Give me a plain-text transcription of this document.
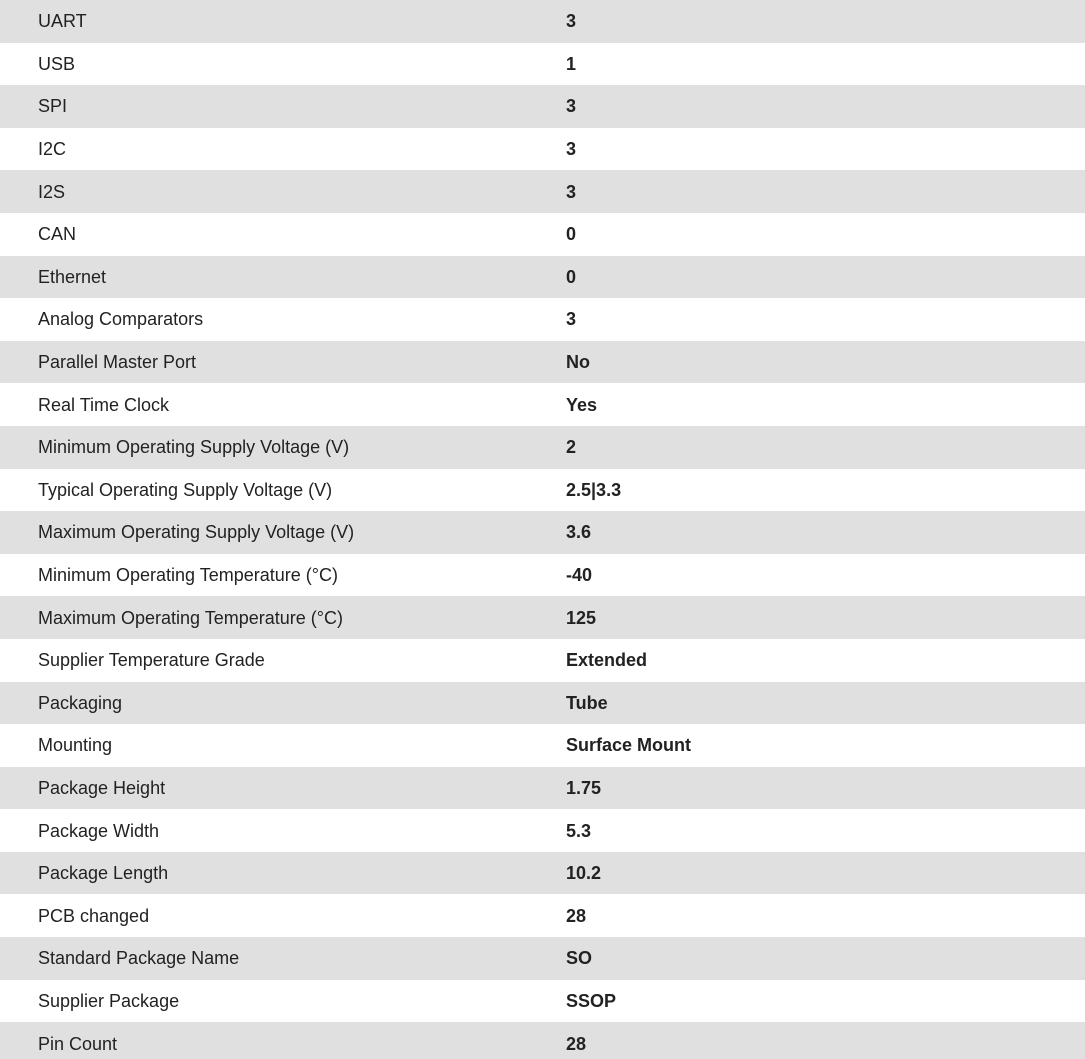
UART	3
USB	1
SPI	3
I2C	3
I2S	3
CAN	0
Ethernet	0
Analog Comparators	3
Parallel Master Port	No
Real Time Clock	Yes
Minimum Operating Supply Voltage (V)	2
Typical Operating Supply Voltage (V)	2.5|3.3
Maximum Operating Supply Voltage (V)	3.6
Minimum Operating Temperature (°C)	-40
Maximum Operating Temperature (°C)	125
Supplier Temperature Grade	Extended
Packaging	Tube
Mounting	Surface Mount
Package Height	1.75
Package Width	5.3
Package Length	10.2
PCB changed	28
Standard Package Name	SO
Supplier Package	SSOP
Pin Count	28
